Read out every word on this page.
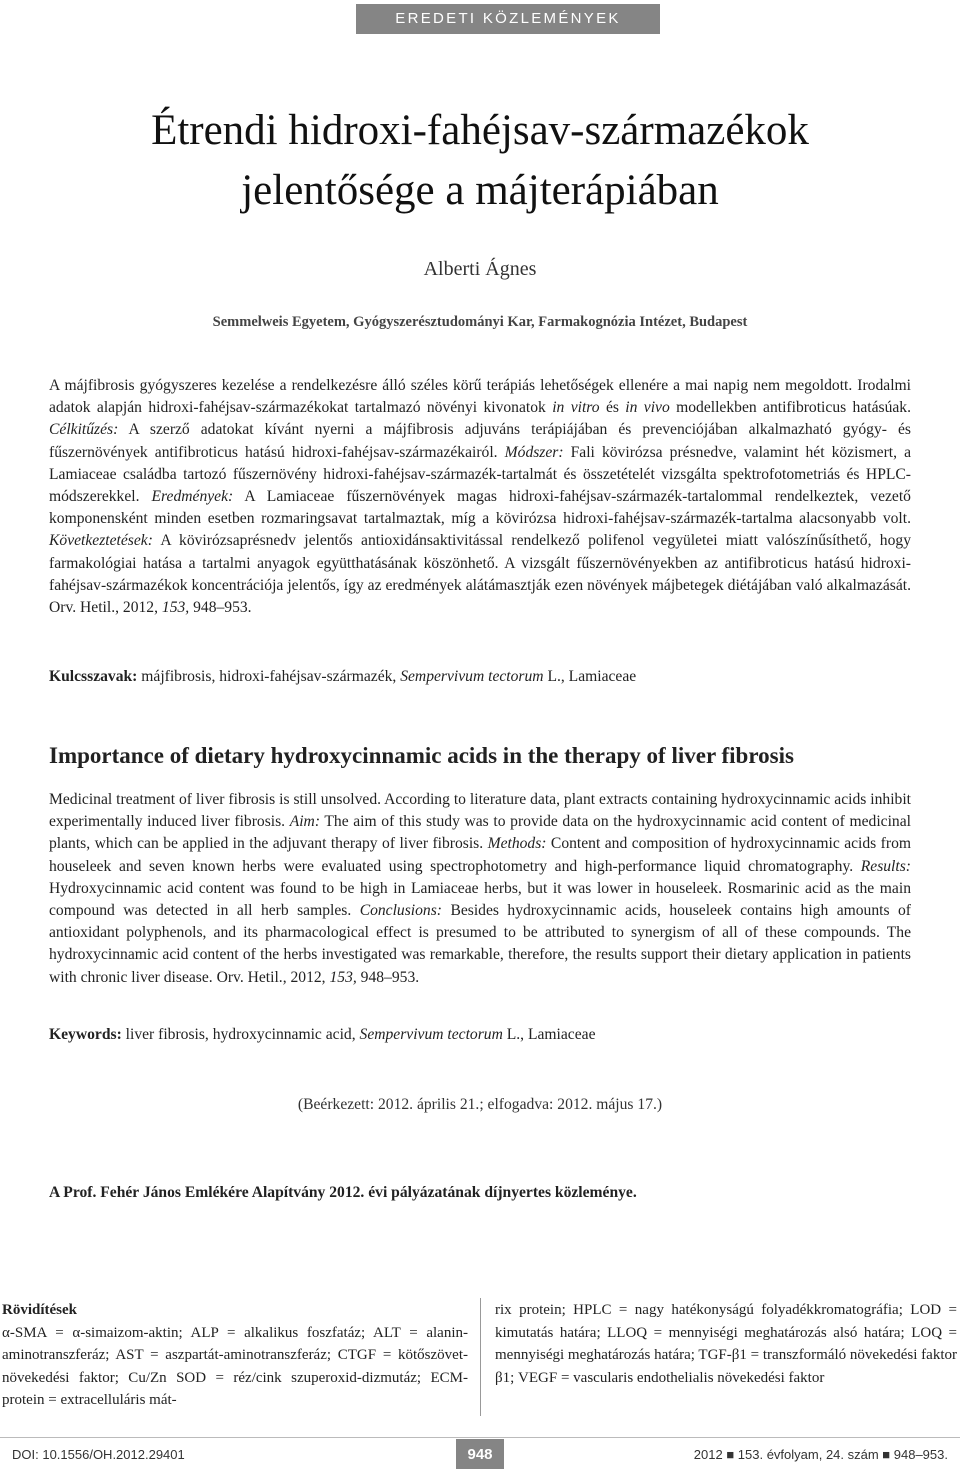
EREDETI KÖZLEMÉNYEK
Étrendi hidroxi-fahéjsav-származékok
jelentősége a májterápiában
Alberti Ágnes
Semmelweis Egyetem, Gyógyszerésztudományi Kar, Farmakognózia Intézet, Budapest

A májfibrosis gyógyszeres kezelése a rendelkezésre álló széles körű terápiás lehetőségek ellenére a mai napig nem megoldott. Irodalmi adatok alapján hidroxi-fahéjsav-származékokat tartalmazó növényi kivonatok in vitro és in vivo modellekben antifibroticus hatásúak. Célkitűzés: A szerző adatokat kívánt nyerni a májfibrosis adjuváns terápiájában és prevenciójában alkalmazható gyógy- és fűszernövények antifibroticus hatású hidroxi-fahéjsav-származékairól. Módszer: Fali kövirózsa présnedve, valamint hét közismert, a Lamiaceae családba tartozó fűszernövény hidroxi-fahéjsav-származék-tartalmát és összetételét vizsgálta spektrofotometriás és HPLC-módszerekkel. Eredmények: A Lamiaceae fűszernövények magas hidroxi-fahéjsav-származék-tartalommal rendelkeztek, vezető komponensként minden esetben rozmaringsavat tartalmaztak, míg a kövirózsa hidroxi-fahéjsav-származék-tartalma alacsonyabb volt. Következtetések: A kövirózsaprésnedv jelentős antioxidánsaktivitással rendelkező polifenol vegyületei miatt valószínűsíthető, hogy farmakológiai hatása a tartalmi anyagok együtthatásának köszönhető. A vizsgált fűszernövényekben az antifibroticus hatású hidroxi-fahéjsav-származékok koncentrációja jelentős, így az eredmények alátámasztják ezen növények májbetegek diétájában való alkalmazását. Orv. Hetil., 2012, 153, 948–953.

Kulcsszavak: májfibrosis, hidroxi-fahéjsav-származék, Sempervivum tectorum L., Lamiaceae
Importance of dietary hydroxycinnamic acids in the therapy of liver fibrosis

Medicinal treatment of liver fibrosis is still unsolved. According to literature data, plant extracts containing hydroxycinnamic acids inhibit experimentally induced liver fibrosis. Aim: The aim of this study was to provide data on the hydroxycinnamic acid content of medicinal plants, which can be applied in the adjuvant therapy of liver fibrosis. Methods: Content and composition of hydroxycinnamic acids from houseleek and seven known herbs were evaluated using spectrophotometry and high-performance liquid chromatography. Results: Hydroxycinnamic acid content was found to be high in Lamiaceae herbs, but it was lower in houseleek. Rosmarinic acid as the main compound was detected in all herb samples. Conclusions: Besides hydroxycinnamic acids, houseleek contains high amounts of antioxidant polyphenols, and its pharmacological effect is presumed to be attributed to synergism of all of these compounds. The hydroxycinnamic acid content of the herbs investigated was remarkable, therefore, the results support their dietary application in patients with chronic liver disease. Orv. Hetil., 2012, 153, 948–953.

Keywords: liver fibrosis, hydroxycinnamic acid, Sempervivum tectorum L., Lamiaceae
(Beérkezett: 2012. április 21.; elfogadva: 2012. május 17.)
A Prof. Fehér János Emlékére Alapítvány 2012. évi pályázatának díjnyertes közleménye.
Rövidítések
α-SMA = α-simaizom-aktin; ALP = alkalikus foszfatáz; ALT = alanin-aminotranszferáz; AST = aszpartát-aminotranszferáz; CTGF = kötőszövet-növekedési faktor; Cu/Zn SOD = réz/cink szuperoxid-dizmutáz; ECM-protein = extracelluláris mát-
rix protein; HPLC = nagy hatékonyságú folyadékkromatográfia; LOD = kimutatás határa; LLOQ = mennyiségi meghatározás alsó határa; LOQ = mennyiségi meghatározás határa; TGF-β1 = transzformáló növekedési faktor β1; VEGF = vascularis endothelialis növekedési faktor
DOI: 10.1556/OH.2012.29401	948	2012 ■ 153. évfolyam, 24. szám ■ 948–953.
